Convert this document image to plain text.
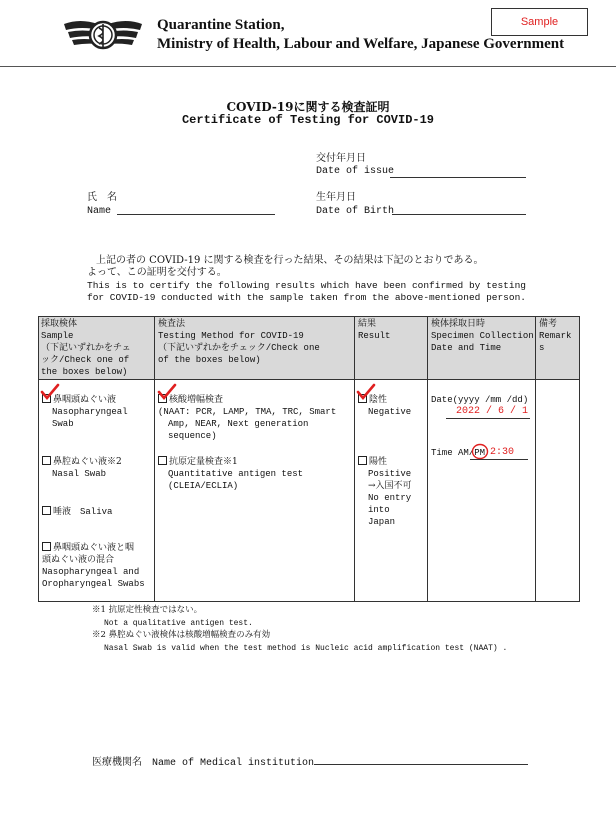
Quarantine Station,
Ministry of Health, Labour and Welfare, Japanese Government
Sample
COVID-19に関する検査証明
Certificate of Testing for COVID-19
交付年月日
Date of issue
氏　名
Name
生年月日
Date of Birth
上記の者の COVID-19 に関する検査を行った結果、その結果は下記のとおりである。
よって、この証明を交付する。
This is to certify the following results which have been confirmed by testing
for COVID-19 conducted with the sample taken from the above-mentioned person.
採取検体
Sample
（下記いずれかをチェ
ック/Check one of
the boxes below)
検査法
Testing Method for COVID-19
（下記いずれかをチェック/Check one
of the boxes below)
結果
Result
検体採取日時
Specimen Collection
Date and Time
備考
Remark
s
鼻咽頭ぬぐい液
Nasopharyngeal
Swab
鼻腔ぬぐい液※2
Nasal Swab
唾液　Saliva
鼻咽頭ぬぐい液と咽
頭ぬぐい液の混合
Nasopharyngeal and
Oropharyngeal Swabs
核酸増幅検査
(NAAT: PCR, LAMP, TMA, TRC, Smart
Amp, NEAR, Next generation
sequence)
抗原定量検査※1
Quantitative antigen test
(CLEIA/ECLIA)
陰性
Negative
陽性
Positive
→入国不可
No entry
into
Japan
Date(yyyy /mm /dd)
2022 / 6 / 1
Time AM/PM 2:30
※1 抗原定性検査ではない。
Not a qualitative antigen test.
※2 鼻腔ぬぐい液検体は核酸増幅検査のみ有効
Nasal Swab is valid when the test method is Nucleic acid amplification test (NAAT) .
医療機関名　Name of Medical institution
